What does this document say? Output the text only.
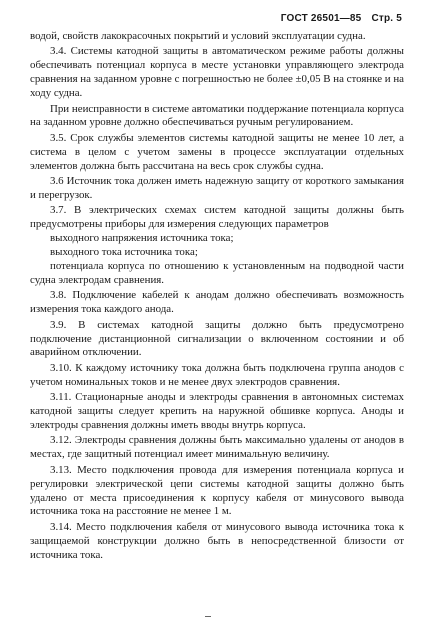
ГОСТ 26501—85 Стр. 5

водой, свойств лакокрасочных покрытий и условий эксплуатации судна.

3.4. Системы катодной защиты в автоматическом режиме работы должны обеспечивать потенциал корпуса в месте установки управляющего электрода сравнения на заданном уровне с погрешностью не более ±0,05 В на стоянке и на ходу судна.

При неисправности в системе автоматики поддержание потенциала корпуса на заданном уровне должно обеспечиваться ручным регулированием.

3.5. Срок службы элементов системы катодной защиты не менее 10 лет, а система в целом с учетом замены в процессе эксплуатации отдельных элементов должна быть рассчитана на весь срок службы судна.

3.6 Источник тока должен иметь надежную защиту от короткого замыкания и перегрузок.

3.7. В электрических схемах систем катодной защиты должны быть предусмотрены приборы для измерения следующих параметров

выходного напряжения источника тока;

выходного тока источника тока;

потенциала корпуса по отношению к установленным на подводной части судна электродам сравнения.

3.8. Подключение кабелей к анодам должно обеспечивать возможность измерения тока каждого анода.

3.9. В системах катодной защиты должно быть предусмотрено подключение дистанционной сигнализации о включенном состоянии и об аварийном отключении.

3.10. К каждому источнику тока должна быть подключена группа анодов с учетом номинальных токов и не менее двух электродов сравнения.

3.11. Стационарные аноды и электроды сравнения в автономных системах катодной защиты следует крепить на наружной обшивке корпуса. Аноды и электроды сравнения должны иметь вводы внутрь корпуса.

3.12. Электроды сравнения должны быть максимально удалены от анодов в местах, где защитный потенциал имеет минимальную величину.

3.13. Место подключения провода для измерения потенциала корпуса и регулировки электрической цепи системы катодной защиты должно быть удалено от места присоединения к корпусу кабеля от минусового вывода источника тока на расстояние не менее 1 м.

3.14. Место подключения кабеля от минусового вывода источника тока к защищаемой конструкции должно быть в непосредственной близости от источника тока.
